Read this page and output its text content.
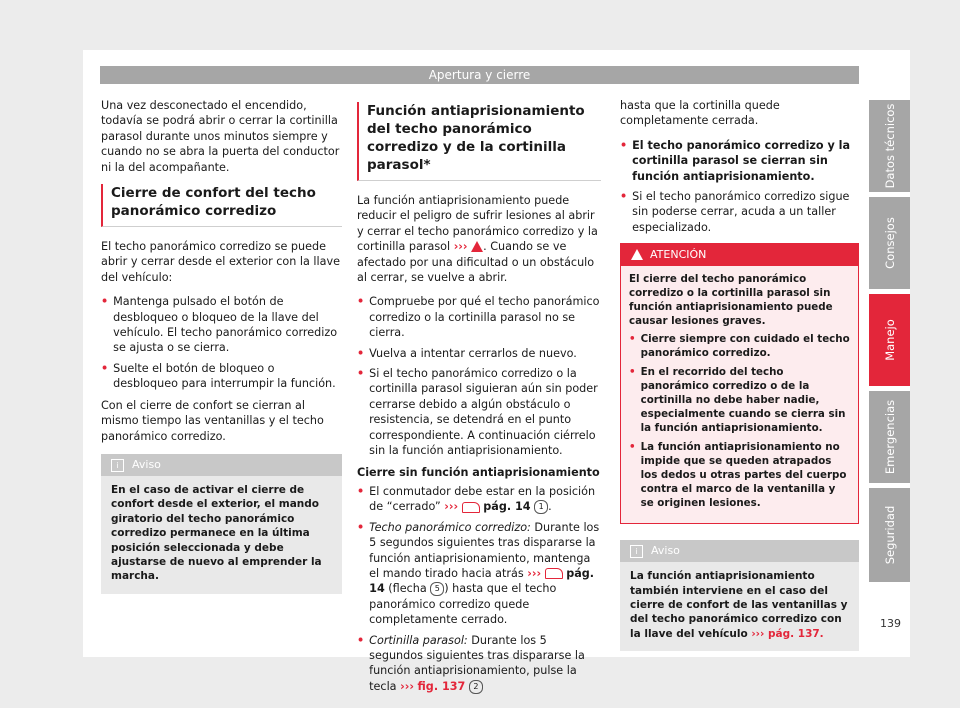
Apertura y cierre

Una vez desconectado el encendido, todavía se podrá abrir o cerrar la cortinilla parasol durante unos minutos siempre y cuando no se abra la puerta del conductor ni la del acompañante.

Cierre de confort del techo panorámico corredizo

El techo panorámico corredizo se puede abrir y cerrar desde el exterior con la llave del vehículo:

• Mantenga pulsado el botón de desbloqueo o bloqueo de la llave del vehículo. El techo panorámico corredizo se ajusta o se cierra.
• Suelte el botón de bloqueo o desbloqueo para interrumpir la función.

Con el cierre de confort se cierran al mismo tiempo las ventanillas y el techo panorámico corredizo.

i Aviso
En el caso de activar el cierre de confort desde el exterior, el mando giratorio del techo panorámico corredizo permanece en la última posición seleccionada y debe ajustarse de nuevo al emprender la marcha.
Función antiaprisionamiento del techo panorámico corredizo y de la cortinilla parasol*

La función antiaprisionamiento puede reducir el peligro de sufrir lesiones al abrir y cerrar el techo panorámico corredizo y la cortinilla parasol ››› . Cuando se ve afectado por una dificultad o un obstáculo al cerrar, se vuelve a abrir.

• Compruebe por qué el techo panorámico corredizo o la cortinilla parasol no se cierra.
• Vuelva a intentar cerrarlos de nuevo.
• Si el techo panorámico corredizo o la cortinilla parasol siguieran aún sin poder cerrarse debido a algún obstáculo o resistencia, se detendrá en el punto correspondiente. A continuación ciérrelo sin la función antiaprisionamiento.
Cierre sin función antiaprisionamiento
• El conmutador debe estar en la posición de “cerrado” ››› pág. 14 1 .
• Techo panorámico corredizo: Durante los 5 segundos siguientes tras dispararse la función antiaprisionamiento, mantenga el mando tirado hacia atrás ››› pág. 14 (flecha 5 ) hasta que el techo panorámico corredizo quede completamente cerrado.
• Cortinilla parasol: Durante los 5 segundos siguientes tras dispararse la función antiaprisionamiento, pulse la tecla ››› fig. 137 2

hasta que la cortinilla quede completamente cerrada.

• El techo panorámico corredizo y la cortinilla parasol se cierran sin función antiaprisionamiento.
• Si el techo panorámico corredizo sigue sin poderse cerrar, acuda a un taller especializado.
ATENCIÓN
El cierre del techo panorámico corredizo o la cortinilla parasol sin función antiaprisionamiento puede causar lesiones graves.
• Cierre siempre con cuidado el techo panorámico corredizo.
• En el recorrido del techo panorámico corredizo o de la cortinilla no debe haber nadie, especialmente cuando se cierra sin la función antiaprisionamiento.
• La función antiaprisionamiento no impide que se queden atrapados los dedos u otras partes del cuerpo contra el marco de la ventanilla y se originen lesiones.
i Aviso
La función antiaprisionamiento también interviene en el caso del cierre de confort de las ventanillas y del techo panorámico corredizo con la llave del vehículo ››› pág. 137.
Datos técnicos
Consejos
Manejo
Emergencias
Seguridad
139
